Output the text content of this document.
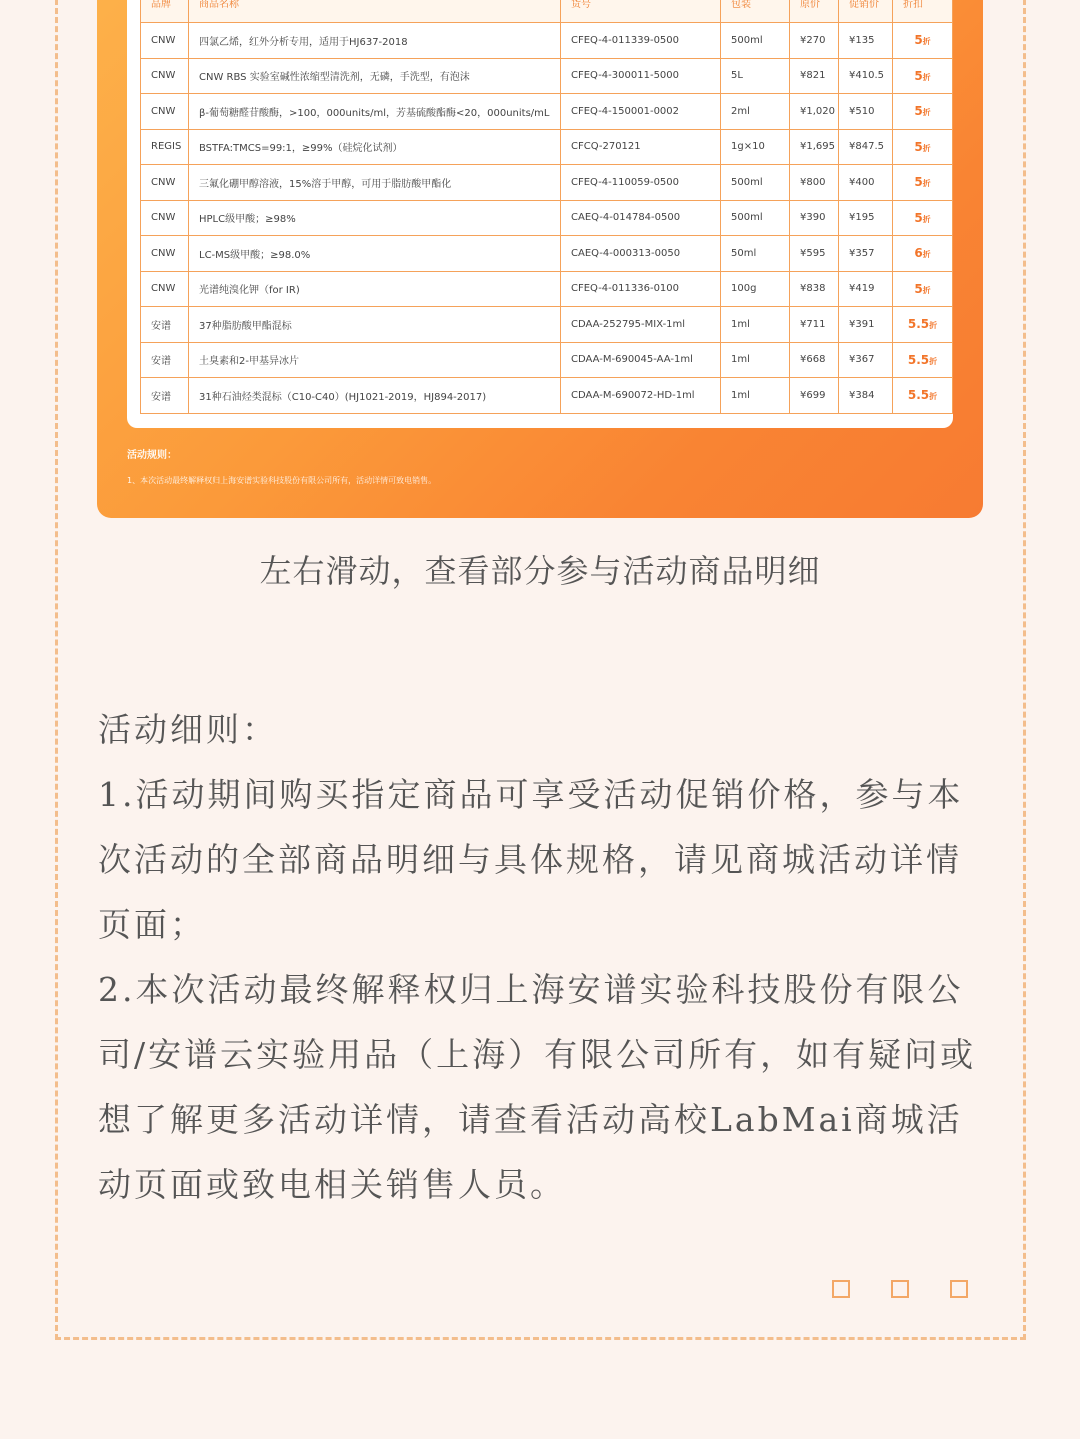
品牌	商品名称	货号	包装	原价	促销价	折扣
CNW	四氯乙烯，红外分析专用，适用于HJ637-2018	CFEQ-4-011339-0500	500ml	¥270	¥135	5折
CNW	CNW RBS 实验室碱性浓缩型清洗剂，无磷，手洗型，有泡沫	CFEQ-4-300011-5000	5L	¥821	¥410.5	5折
CNW	β-葡萄糖醛苷酸酶，>100，000units/ml，芳基硫酸酯酶<20，000units/mL	CFEQ-4-150001-0002	2ml	¥1,020	¥510	5折
REGIS	BSTFA:TMCS=99:1，≥99%（硅烷化试剂）	CFCQ-270121	1g×10	¥1,695	¥847.5	5折
CNW	三氟化硼甲醇溶液，15%溶于甲醇，可用于脂肪酸甲酯化	CFEQ-4-110059-0500	500ml	¥800	¥400	5折
CNW	HPLC级甲酸；≥98%	CAEQ-4-014784-0500	500ml	¥390	¥195	5折
CNW	LC-MS级甲酸；≥98.0%	CAEQ-4-000313-0050	50ml	¥595	¥357	6折
CNW	光谱纯溴化钾（for IR)	CFEQ-4-011336-0100	100g	¥838	¥419	5折
安谱	37种脂肪酸甲酯混标	CDAA-252795-MIX-1ml	1ml	¥711	¥391	5.5折
安谱	土臭素和2-甲基异冰片	CDAA-M-690045-AA-1ml	1ml	¥668	¥367	5.5折
安谱	31种石油烃类混标（C10-C40）(HJ1021-2019，HJ894-2017)	CDAA-M-690072-HD-1ml	1ml	¥699	¥384	5.5折
活动规则：
1、本次活动最终解释权归上海安谱实验科技股份有限公司所有，活动详情可致电销售。
左右滑动，查看部分参与活动商品明细

活动细则：

1.活动期间购买指定商品可享受活动促销价格，参与本次活动的全部商品明细与具体规格，请见商城活动详情页面；

2.本次活动最终解释权归上海安谱实验科技股份有限公司/安谱云实验用品（上海）有限公司所有，如有疑问或想了解更多活动详情，请查看活动高校LabMai商城活动页面或致电相关销售人员。
